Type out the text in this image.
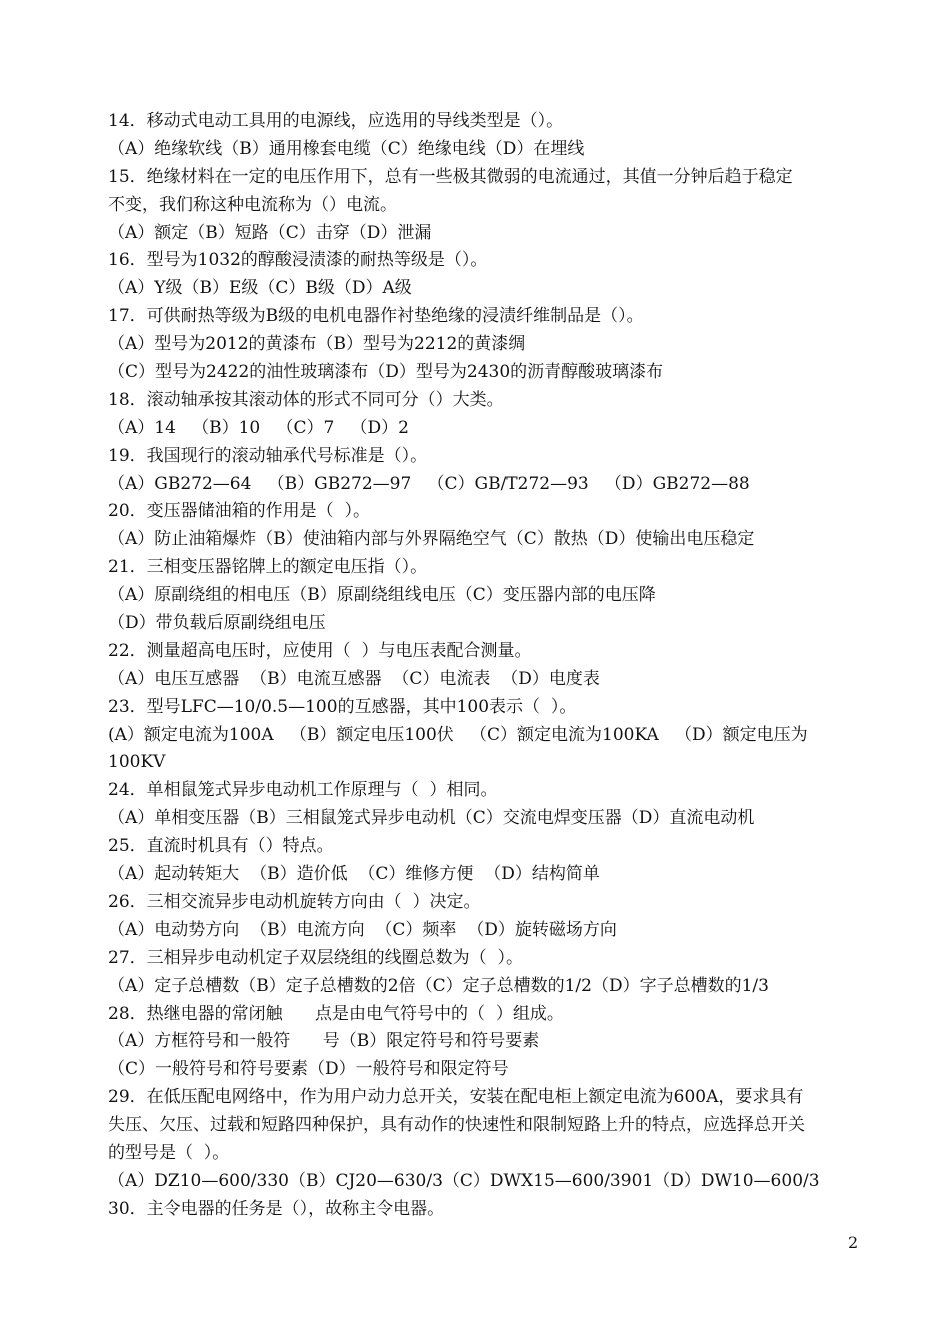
14．移动式电动工具用的电源线，应选用的导线类型是（）。

（A）绝缘软线（B）通用橡套电缆（C）绝缘电线（D）在埋线

15．绝缘材料在一定的电压作用下，总有一些极其微弱的电流通过，其值一分钟后趋于稳定

不变，我们称这种电流称为（）电流。

（A）额定（B）短路（C）击穿（D）泄漏

16．型号为1032的醇酸浸渍漆的耐热等级是（）。

（A）Y级（B）E级（C）B级（D）A级

17．可供耐热等级为B级的电机电器作衬垫绝缘的浸渍纤维制品是（）。

（A）型号为2012的黄漆布（B）型号为2212的黄漆绸

（C）型号为2422的油性玻璃漆布（D）型号为2430的沥青醇酸玻璃漆布

18．滚动轴承按其滚动体的形式不同可分（）大类。

（A）14   （B）10   （C）7   （D）2

19．我国现行的滚动轴承代号标准是（）。

（A）GB272—64   （B）GB272—97   （C）GB/T272—93   （D）GB272—88

20．变压器储油箱的作用是（  ）。

（A）防止油箱爆炸（B）使油箱内部与外界隔绝空气（C）散热（D）使输出电压稳定

21．三相变压器铭牌上的额定电压指（）。

（A）原副绕组的相电压（B）原副绕组线电压（C）变压器内部的电压降

（D）带负载后原副绕组电压

22．测量超高电压时，应使用（  ）与电压表配合测量。

（A）电压互感器  （B）电流互感器  （C）电流表  （D）电度表

23．型号LFC—10/0.5—100的互感器，其中100表示（  ）。

(A）额定电流为100A   （B）额定电压100伏   （C）额定电流为100KA   （D）额定电压为

100KV

24．单相鼠笼式异步电动机工作原理与（  ）相同。

（A）单相变压器（B）三相鼠笼式异步电动机（C）交流电焊变压器（D）直流电动机

25．直流时机具有（）特点。

（A）起动转矩大  （B）造价低  （C）维修方便  （D）结构简单

26．三相交流异步电动机旋转方向由（  ）决定。

（A）电动势方向  （B）电流方向  （C）频率  （D）旋转磁场方向

27．三相异步电动机定子双层绕组的线圈总数为（  ）。

（A）定子总槽数（B）定子总槽数的2倍（C）定子总槽数的1/2（D）字子总槽数的1/3

28．热继电器的常闭触      点是由电气符号中的（  ）组成。

（A）方框符号和一般符      号（B）限定符号和符号要素

（C）一般符号和符号要素（D）一般符号和限定符号

29．在低压配电网络中，作为用户动力总开关，安装在配电柜上额定电流为600A，要求具有

失压、欠压、过载和短路四种保护，具有动作的快速性和限制短路上升的特点，应选择总开关

的型号是（  ）。

（A）DZ10—600/330（B）CJ20—630/3（C）DWX15—600/3901（D）DW10—600/3

30．主令电器的任务是（），故称主令电器。

2
